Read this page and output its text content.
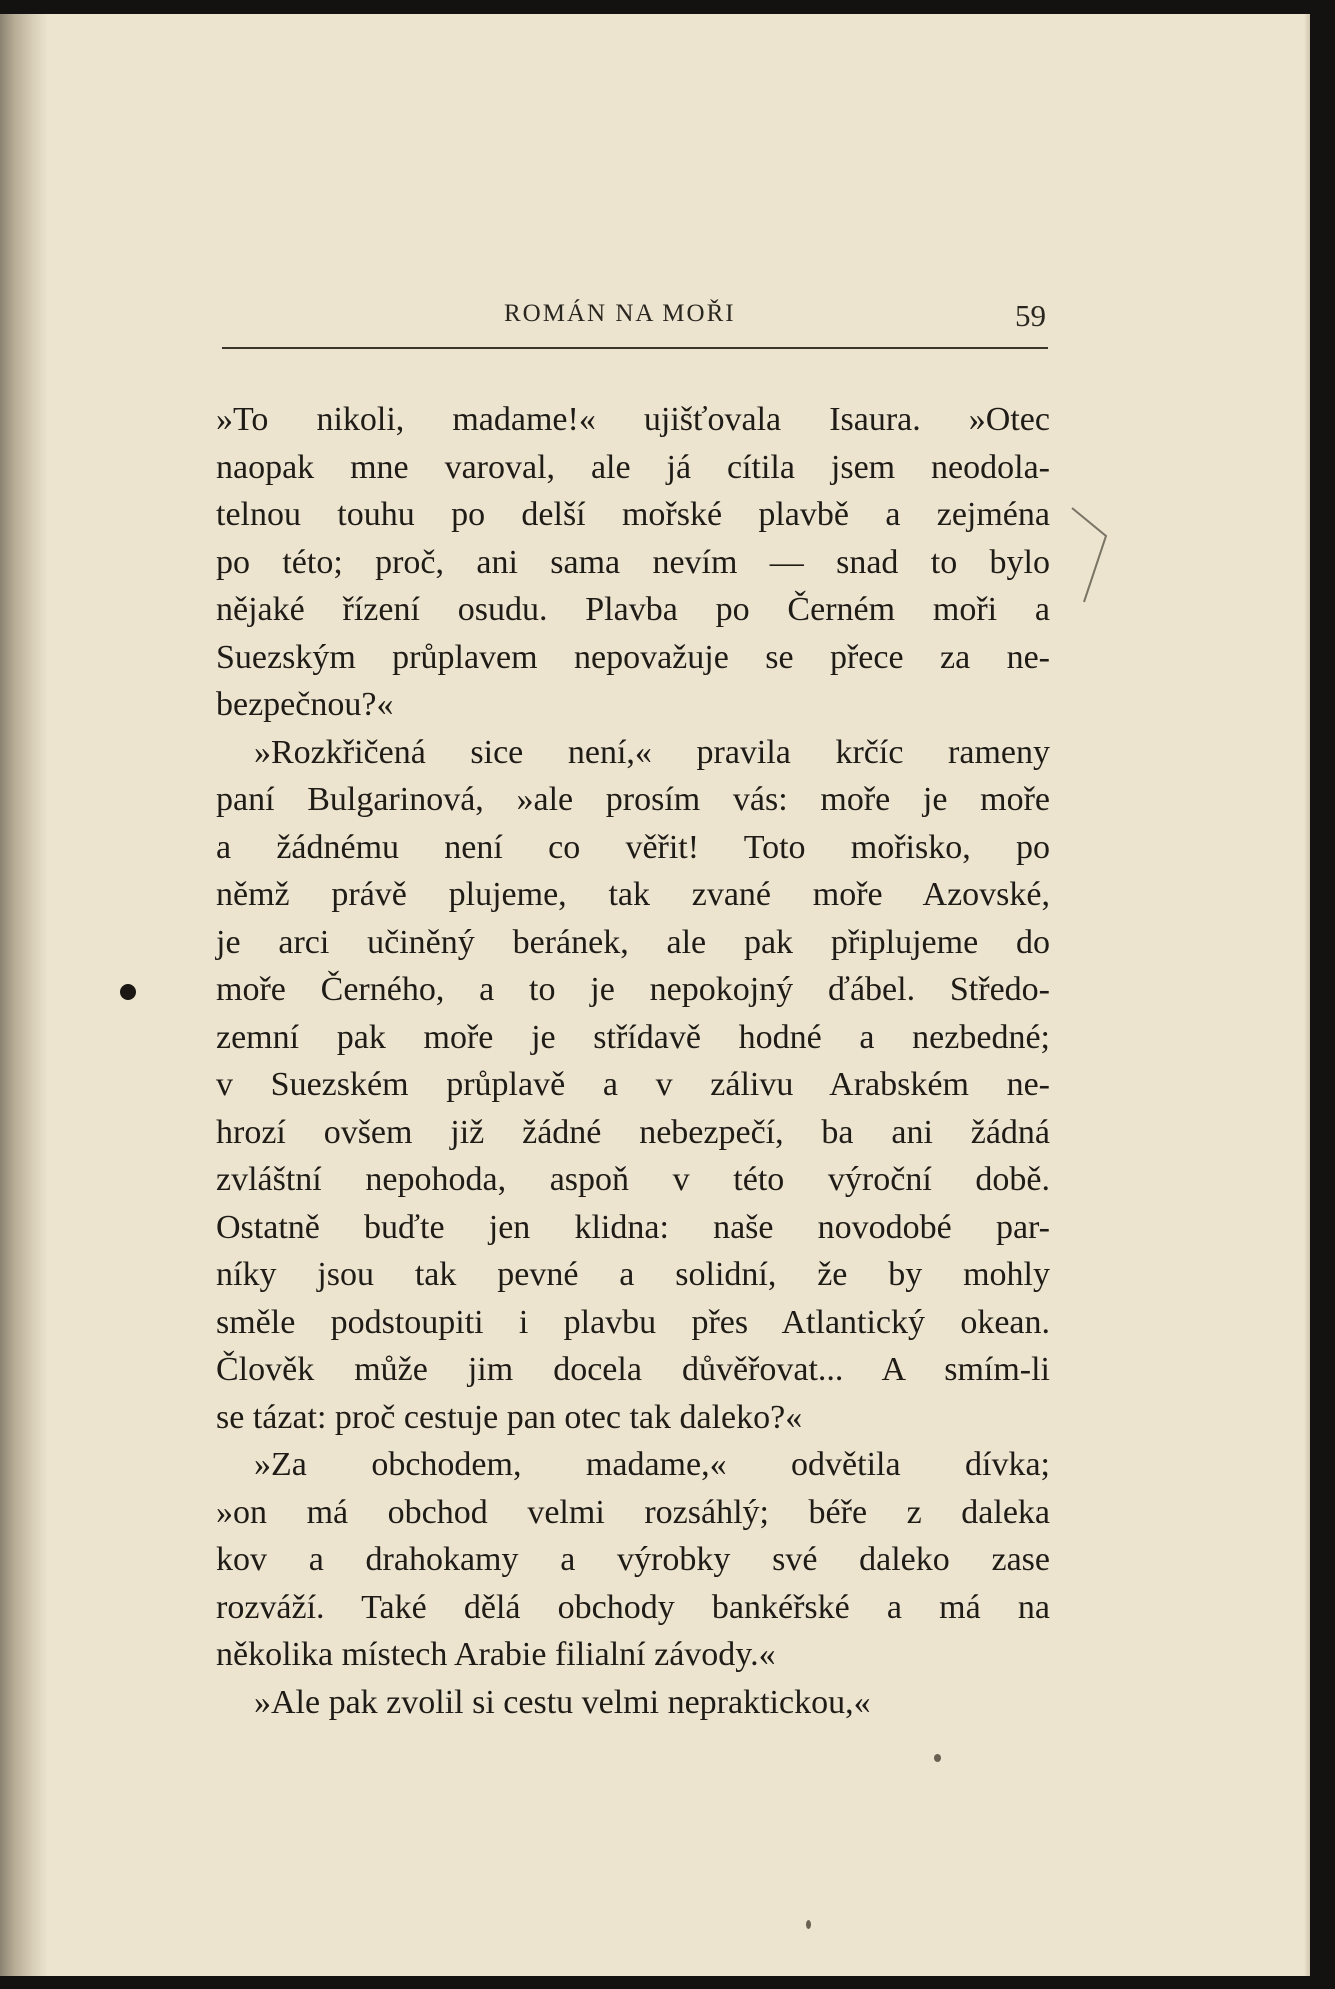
ROMÁN NA MOŘI	59
»To nikoli, madame!« ujišťovala Isaura. »Otec
naopak mne varoval, ale já cítila jsem neodola-
telnou touhu po delší mořské plavbě a zejména
po této; proč, ani sama nevím — snad to bylo
nějaké řízení osudu. Plavba po Černém moři a
Suezským průplavem nepovažuje se přece za ne-
bezpečnou?«
»Rozkřičená sice není,« pravila krčíc rameny
paní Bulgarinová, »ale prosím vás: moře je moře
a žádnému není co věřit! Toto mořisko, po
němž právě plujeme, tak zvané moře Azovské,
je arci učiněný beránek, ale pak připlujeme do
moře Černého, a to je nepokojný ďábel. Středo-
zemní pak moře je střídavě hodné a nezbedné;
v Suezském průplavě a v zálivu Arabském ne-
hrozí ovšem již žádné nebezpečí, ba ani žádná
zvláštní nepohoda, aspoň v této výroční době.
Ostatně buďte jen klidna: naše novodobé par-
níky jsou tak pevné a solidní, že by mohly
směle podstoupiti i plavbu přes Atlantický okean.
Člověk může jim docela důvěřovat... A smím-li
se tázat: proč cestuje pan otec tak daleko?«
»Za obchodem, madame,« odvětila dívka;
»on má obchod velmi rozsáhlý; béře z daleka
kov a drahokamy a výrobky své daleko zase
rozváží. Také dělá obchody bankéřské a má na
několika místech Arabie filialní závody.«
»Ale pak zvolil si cestu velmi nepraktickou,«
